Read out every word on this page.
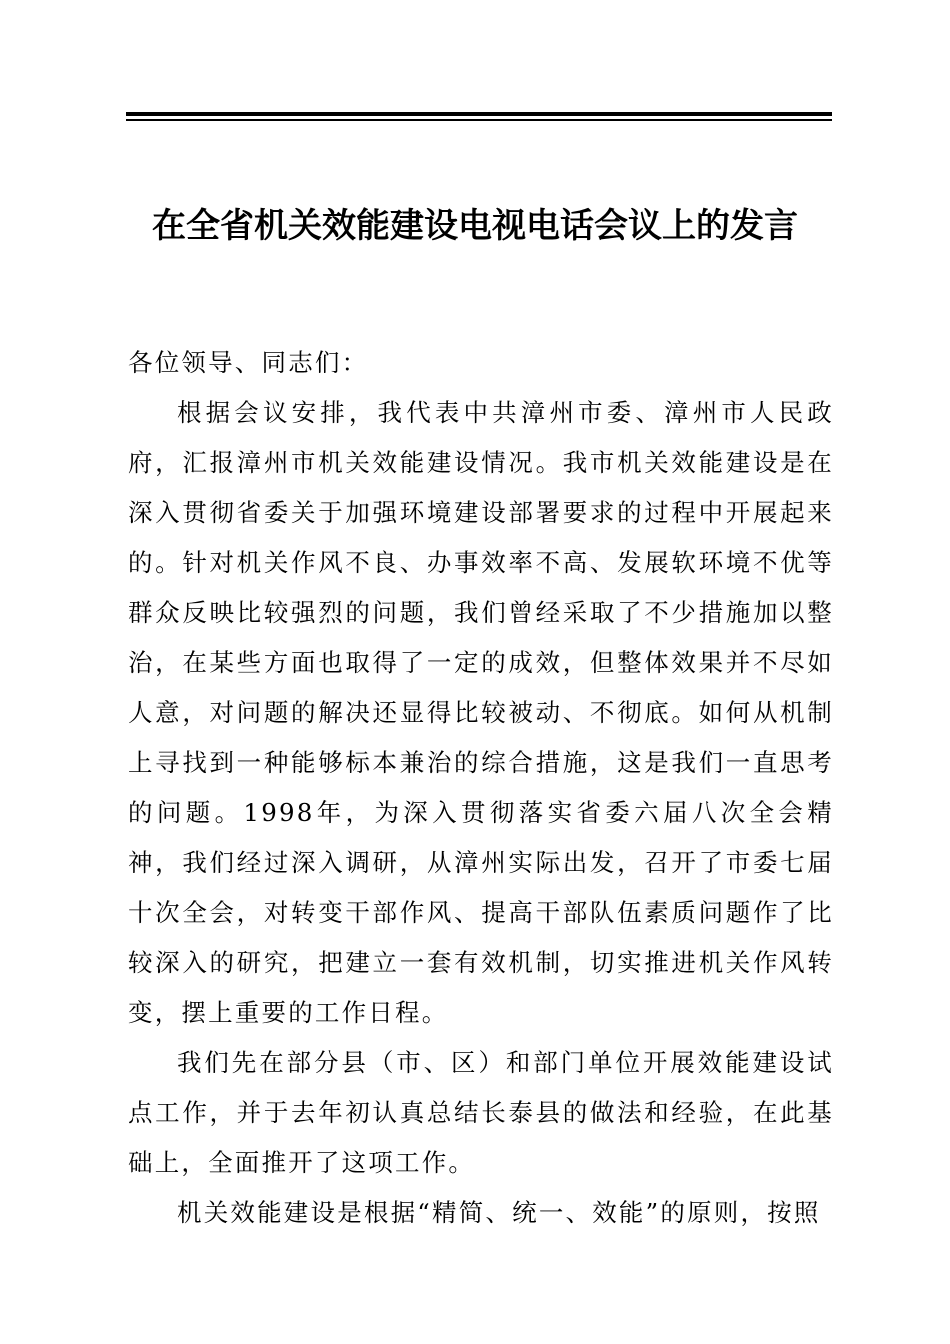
在全省机关效能建设电视电话会议上的发言

各位领导、同志们：

根据会议安排，我代表中共漳州市委、漳州市人民政府，汇报漳州市机关效能建设情况。我市机关效能建设是在深入贯彻省委关于加强环境建设部署要求的过程中开展起来的。针对机关作风不良、办事效率不高、发展软环境不优等群众反映比较强烈的问题，我们曾经采取了不少措施加以整治，在某些方面也取得了一定的成效，但整体效果并不尽如人意，对问题的解决还显得比较被动、不彻底。如何从机制上寻找到一种能够标本兼治的综合措施，这是我们一直思考的问题。1998年，为深入贯彻落实省委六届八次全会精神，我们经过深入调研，从漳州实际出发，召开了市委七届十次全会，对转变干部作风、提高干部队伍素质问题作了比较深入的研究，把建立一套有效机制，切实推进机关作风转变，摆上重要的工作日程。

我们先在部分县（市、区）和部门单位开展效能建设试点工作，并于去年初认真总结长泰县的做法和经验，在此基础上，全面推开了这项工作。

机关效能建设是根据“精简、统一、效能”的原则，按照
